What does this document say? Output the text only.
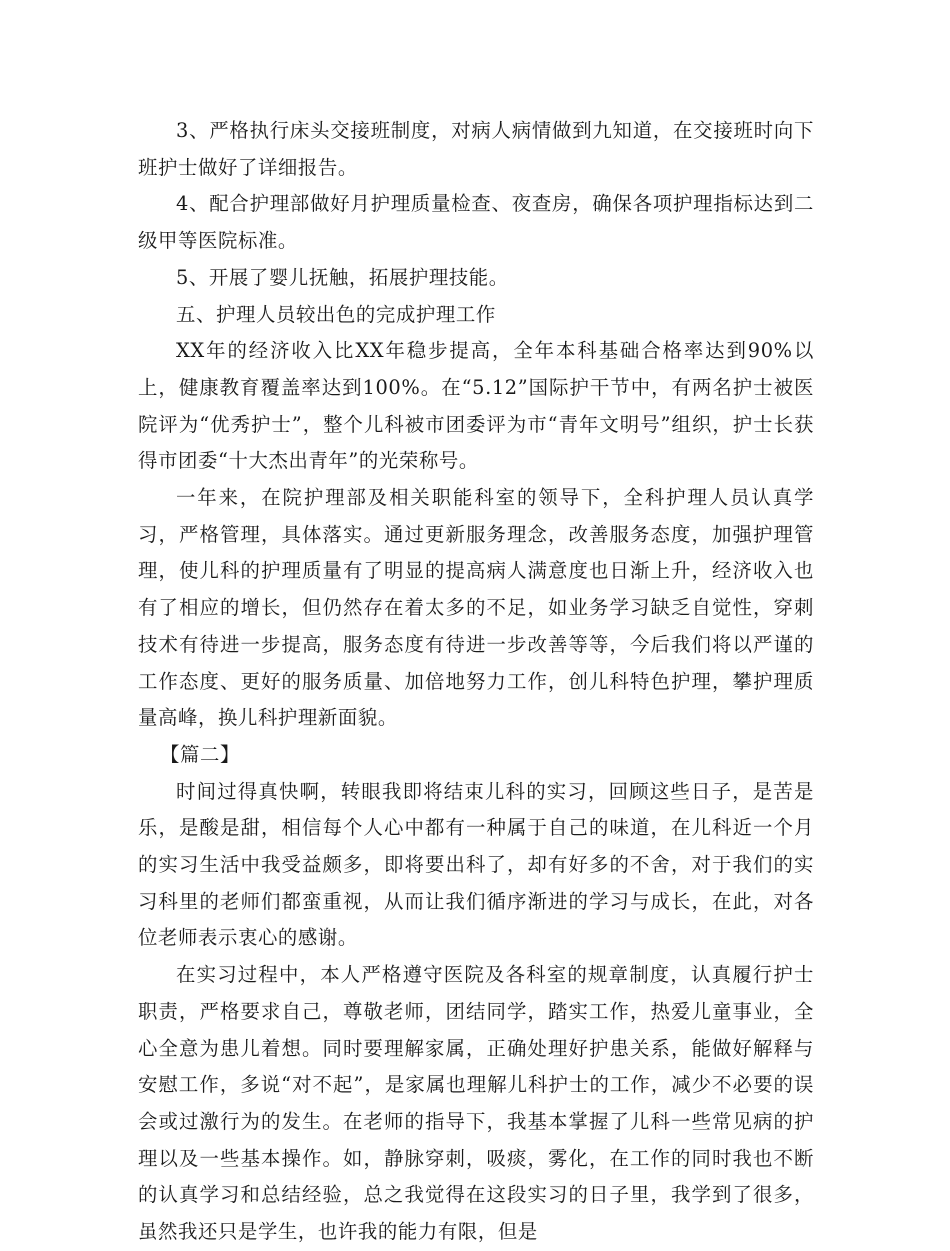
3、严格执行床头交接班制度，对病人病情做到九知道，在交接班时向下班护士做好了详细报告。

4、配合护理部做好月护理质量检查、夜查房，确保各项护理指标达到二级甲等医院标准。

5、开展了婴儿抚触，拓展护理技能。

五、护理人员较出色的完成护理工作

XX年的经济收入比XX年稳步提高，全年本科基础合格率达到90%以上，健康教育覆盖率达到100%。在“5.12”国际护干节中，有两名护士被医院评为“优秀护士”，整个儿科被市团委评为市“青年文明号”组织，护士长获得市团委“十大杰出青年”的光荣称号。

一年来，在院护理部及相关职能科室的领导下，全科护理人员认真学习，严格管理，具体落实。通过更新服务理念，改善服务态度，加强护理管理，使儿科的护理质量有了明显的提高病人满意度也日渐上升，经济收入也有了相应的增长，但仍然存在着太多的不足，如业务学习缺乏自觉性，穿刺技术有待进一步提高，服务态度有待进一步改善等等，今后我们将以严谨的工作态度、更好的服务质量、加倍地努力工作，创儿科特色护理，攀护理质量高峰，换儿科护理新面貌。

【篇二】

时间过得真快啊，转眼我即将结束儿科的实习，回顾这些日子，是苦是乐，是酸是甜，相信每个人心中都有一种属于自己的味道，在儿科近一个月的实习生活中我受益颇多，即将要出科了，却有好多的不舍，对于我们的实习科里的老师们都蛮重视，从而让我们循序渐进的学习与成长，在此，对各位老师表示衷心的感谢。

在实习过程中，本人严格遵守医院及各科室的规章制度，认真履行护士职责，严格要求自己，尊敬老师，团结同学，踏实工作，热爱儿童事业，全心全意为患儿着想。同时要理解家属，正确处理好护患关系，能做好解释与安慰工作，多说“对不起”，是家属也理解儿科护士的工作，减少不必要的误会或过激行为的发生。在老师的指导下，我基本掌握了儿科一些常见病的护理以及一些基本操作。如，静脉穿刺，吸痰，雾化，在工作的同时我也不断的认真学习和总结经验，总之我觉得在这段实习的日子里，我学到了很多，虽然我还只是学生，也许我的能力有限，但是
